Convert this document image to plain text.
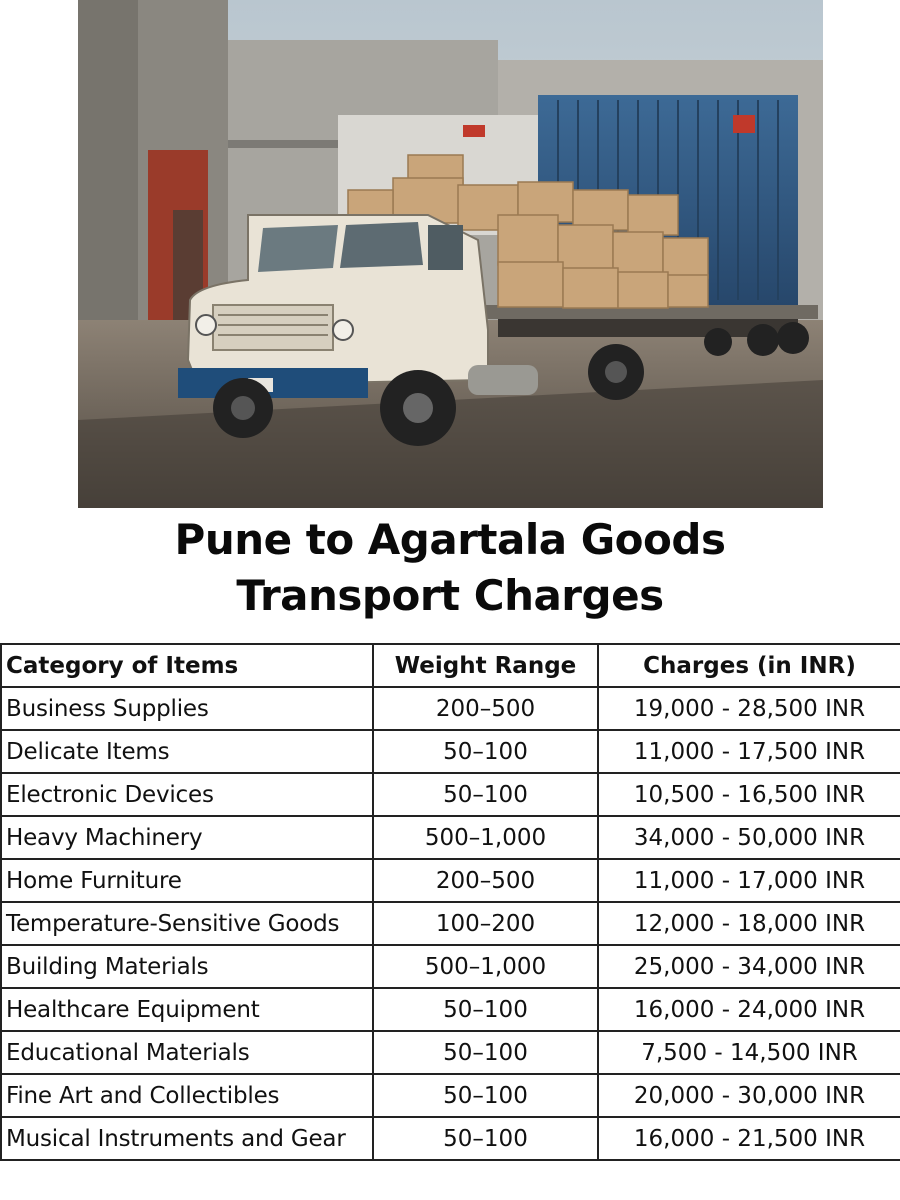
Pune to Agartala Goods
Transport Charges
Category of Items	Weight Range	Charges (in INR)
Business Supplies	200–500	19,000 - 28,500 INR
Delicate Items	50–100	11,000 - 17,500 INR
Electronic Devices	50–100	10,500 - 16,500 INR
Heavy Machinery	500–1,000	34,000 - 50,000 INR
Home Furniture	200–500	11,000 - 17,000 INR
Temperature-Sensitive Goods	100–200	12,000 - 18,000 INR
Building Materials	500–1,000	25,000 - 34,000 INR
Healthcare Equipment	50–100	16,000 - 24,000 INR
Educational Materials	50–100	7,500 - 14,500 INR
Fine Art and Collectibles	50–100	20,000 - 30,000 INR
Musical Instruments and Gear	50–100	16,000 - 21,500 INR
